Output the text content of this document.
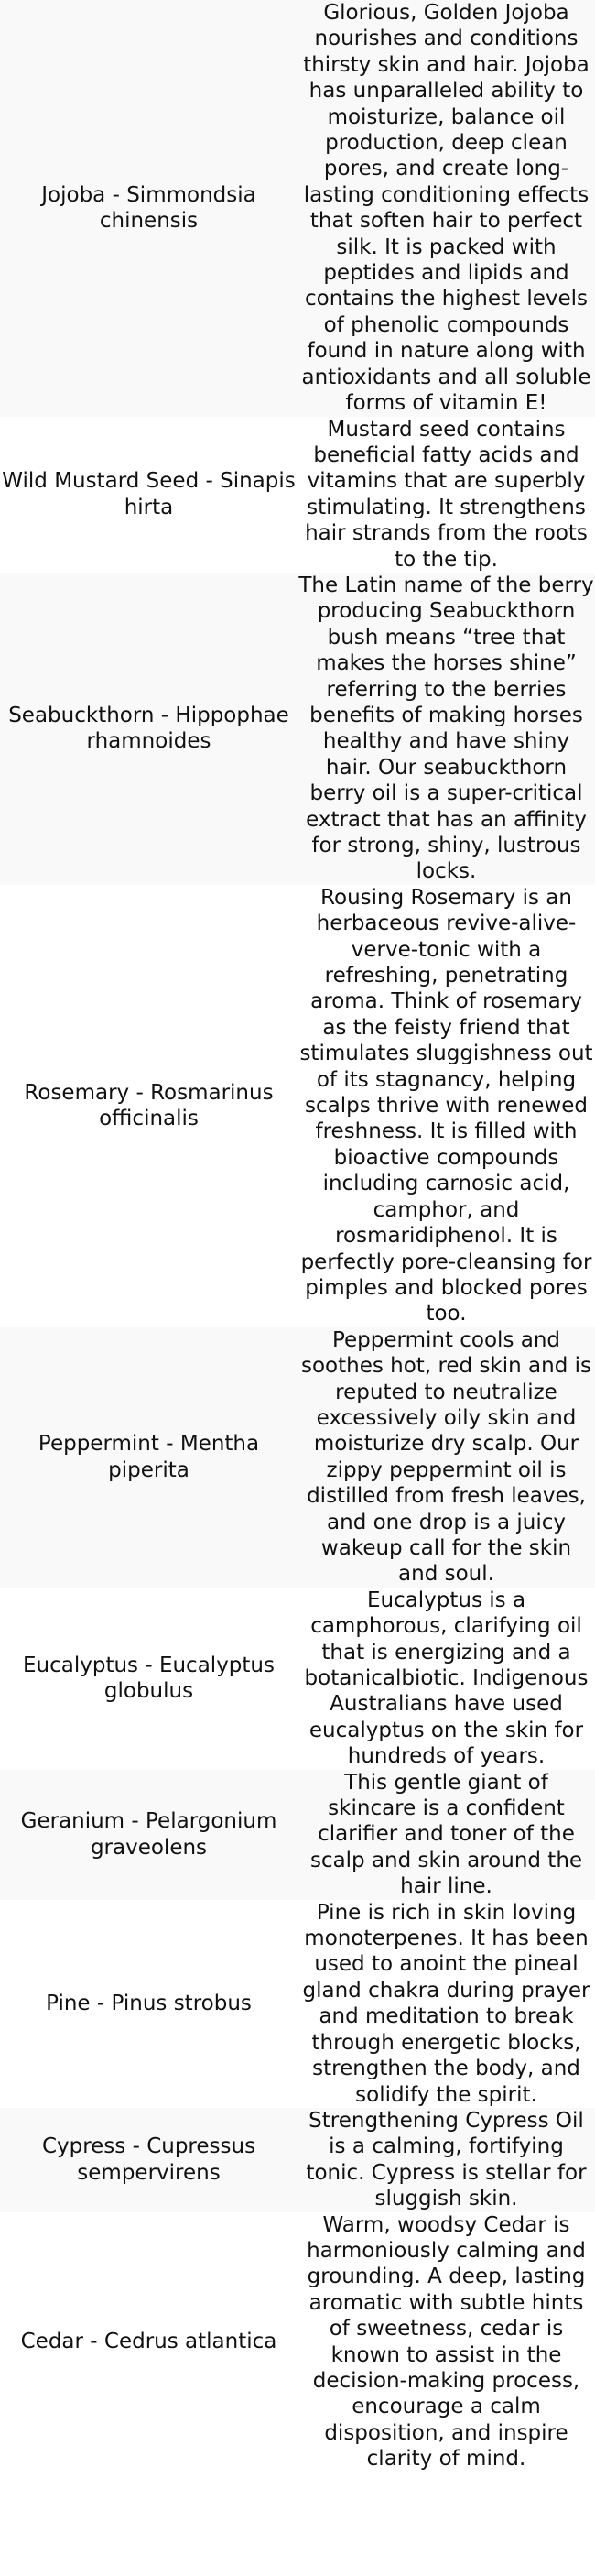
Jojoba - Simmondsia chinensis	Glorious, Golden Jojoba nourishes and conditions thirsty skin and hair. Jojoba has unparalleled ability to moisturize, balance oil production, deep clean pores, and create long-lasting conditioning effects that soften hair to perfect silk. It is packed with peptides and lipids and contains the highest levels of phenolic compounds found in nature along with antioxidants and all soluble forms of vitamin E!
Wild Mustard Seed - Sinapis hirta	Mustard seed contains beneficial fatty acids and vitamins that are superbly stimulating. It strengthens hair strands from the roots to the tip.
Seabuckthorn - Hippophae rhamnoides	The Latin name of the berry producing Seabuckthorn bush means “tree that makes the horses shine” referring to the berries benefits of making horses healthy and have shiny hair. Our seabuckthorn berry oil is a super-critical extract that has an affinity for strong, shiny, lustrous locks.
Rosemary - Rosmarinus officinalis	Rousing Rosemary is an herbaceous revive-alive-verve-tonic with a refreshing, penetrating aroma. Think of rosemary as the feisty friend that stimulates sluggishness out of its stagnancy, helping scalps thrive with renewed freshness. It is filled with bioactive compounds including carnosic acid, camphor, and rosmaridiphenol. It is perfectly pore-cleansing for pimples and blocked pores too.
Peppermint - Mentha piperita	Peppermint cools and soothes hot, red skin and is reputed to neutralize excessively oily skin and moisturize dry scalp. Our zippy peppermint oil is distilled from fresh leaves, and one drop is a juicy wakeup call for the skin and soul.
Eucalyptus - Eucalyptus globulus	Eucalyptus is a camphorous, clarifying oil that is energizing and a botanicalbiotic. Indigenous Australians have used eucalyptus on the skin for hundreds of years.
Geranium - Pelargonium graveolens	This gentle giant of skincare is a confident clarifier and toner of the scalp and skin around the hair line.
Pine - Pinus strobus	Pine is rich in skin loving monoterpenes. It has been used to anoint the pineal gland chakra during prayer and meditation to break through energetic blocks, strengthen the body, and solidify the spirit.
Cypress - Cupressus sempervirens	Strengthening Cypress Oil is a calming, fortifying tonic. Cypress is stellar for sluggish skin.
Cedar - Cedrus atlantica	Warm, woodsy Cedar is harmoniously calming and grounding. A deep, lasting aromatic with subtle hints of sweetness, cedar is known to assist in the decision-making process, encourage a calm disposition, and inspire clarity of mind.
